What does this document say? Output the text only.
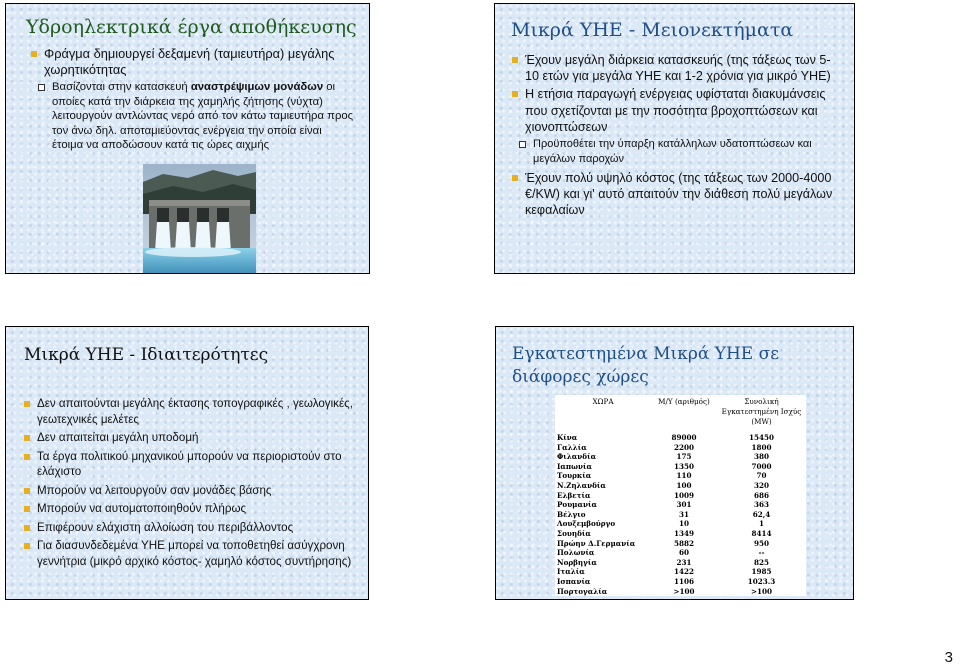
Υδροηλεκτρικά έργα αποθήκευσης
Φράγμα δημιουργεί δεξαμενή (ταμιευτήρα) μεγάλης χωρητικότητας
Βασίζονται στην κατασκευή αναστρέψιμων μονάδων οι οποίες κατά την διάρκεια της χαμηλής ζήτησης (νύχτα) λειτουργούν αντλώντας νερό από τον κάτω ταμιευτήρα προς τον άνω δηλ. αποταμιεύοντας ενέργεια την οποία είναι έτοιμα να αποδώσουν κατά τις ώρες αιχμής
Μικρά ΥΗΕ - Μειονεκτήματα
Έχουν μεγάλη διάρκεια κατασκευής (της τάξεως των 5-10 ετών για μεγάλα ΥΗΕ και 1-2 χρόνια για μικρό ΥΗΕ)
Η ετήσια παραγωγή ενέργειας υφίσταται διακυμάνσεις που σχετίζονται με την ποσότητα βροχοπτώσεων και χιονοπτώσεων
Προϋποθέτει την ύπαρξη κατάλληλων υδατοπτώσεων και μεγάλων παροχών
Έχουν πολύ υψηλό κόστος (της τάξεως των 2000-4000 €/KW) και γι' αυτό απαιτούν την διάθεση πολύ μεγάλων κεφαλαίων
Μικρά ΥΗΕ - Ιδιαιτερότητες
Δεν απαιτούνται μεγάλης έκτασης τοπογραφικές , γεωλογικές, γεωτεχνικές μελέτες
Δεν απαιτείται μεγάλη υποδομή
Τα έργα πολιτικού μηχανικού μπορούν να περιοριστούν στο ελάχιστο
Μπορούν να λειτουργούν σαν μονάδες βάσης
Μπορούν να αυτοματοποιηθούν πλήρως
Επιφέρουν ελάχιστη αλλοίωση του περιβάλλοντος
Για διασυνδεδεμένα ΥΗΕ μπορεί να τοποθετηθεί ασύγχρονη γεννήτρια (μικρό αρχικό κόστος- χαμηλό κόστος συντήρησης)
Εγκατεστημένα Μικρά ΥΗΕ σε διάφορες χώρες
ΧΩΡΑ	Μ/Υ (αριθμός)	Συνολική Εγκατεστημένη Ισχύς (MW)

Κίνα	89000	15450
Γαλλία	2200	1800
Φιλανδία	175	380
Ιαπωνία	1350	7000
Τουρκία	110	70
Ν.Ζηλανδία	100	320
Ελβετία	1009	686
Ρουμανία	301	363
Βέλγιο	31	62,4
Λουξεμβούργο	10	1
Σουηδία	1349	8414
Πρώην Δ.Γερμανία	5882	950
Πολωνία	60	--
Νορβηγία	231	825
Ιταλία	1422	1985
Ισπανία	1106	1023.3
Πορτογαλία	>100	>100
3
